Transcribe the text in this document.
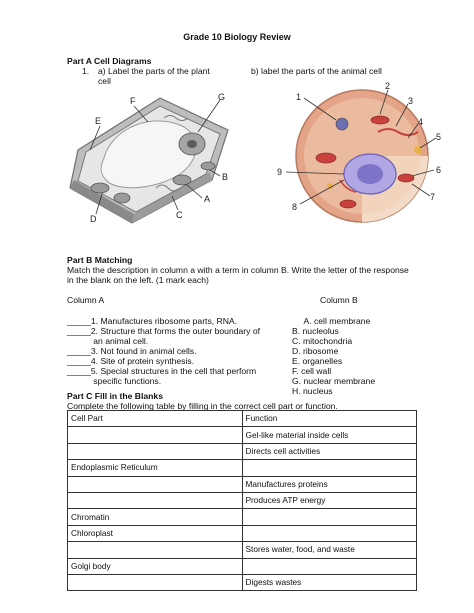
Grade 10 Biology Review
Part A Cell Diagrams
1. a) Label the parts of the plant
cell
b) label the parts of the animal cell
F	G
E
B
A
C
D
1
2
3
4
5
6
7
8
9
Part B Matching
Match the description in column a with a term in column B. Write the letter of the response
in the blank on the left. (1 mark each)
Column A	Column B
_____1. Manufactures ribosome parts, RNA.
_____2. Structure that forms the outer boundary of
an animal cell.
_____3. Not found in animal cells.
_____4. Site of protein synthesis.
_____5. Special structures in the cell that perform
specific functions.
A. cell membrane
B. nucleolus
C. mitochondria
D. ribosome
E. organelles
F. cell wall
G. nuclear membrane
H. nucleus
Part C Fill in the Blanks
Complete the following table by filling in the correct cell part or function.
Cell Part	Function
	Gel-like material inside cells
	Directs cell activities
Endoplasmic Reticulum	
	Manufactures proteins
	Produces ATP energy
Chromatin	
Chloroplast	
	Stores water, food, and waste
Golgi body	
	Digests wastes
